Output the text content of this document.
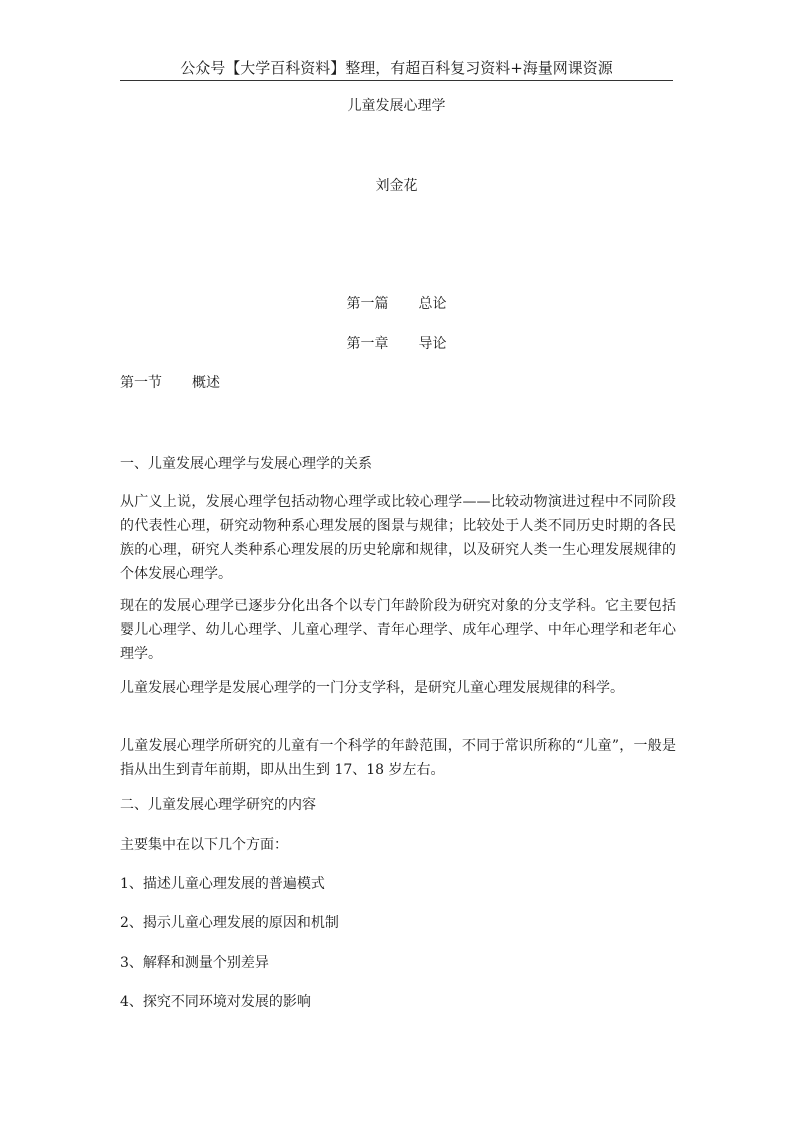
公众号【大学百科资料】整理，有超百科复习资料+海量网课资源
儿童发展心理学
刘金花
第一篇 总论
第一章 导论
第一节 概述
一、儿童发展心理学与发展心理学的关系
从广义上说，发展心理学包括动物心理学或比较心理学——比较动物演进过程中不同阶段的代表性心理，研究动物种系心理发展的图景与规律；比较处于人类不同历史时期的各民族的心理，研究人类种系心理发展的历史轮廓和规律，以及研究人类一生心理发展规律的个体发展心理学。
现在的发展心理学已逐步分化出各个以专门年龄阶段为研究对象的分支学科。它主要包括婴儿心理学、幼儿心理学、儿童心理学、青年心理学、成年心理学、中年心理学和老年心理学。
儿童发展心理学是发展心理学的一门分支学科，是研究儿童心理发展规律的科学。
儿童发展心理学所研究的儿童有一个科学的年龄范围，不同于常识所称的“儿童”，一般是指从出生到青年前期，即从出生到 17、18 岁左右。
二、儿童发展心理学研究的内容
主要集中在以下几个方面：
1、描述儿童心理发展的普遍模式
2、揭示儿童心理发展的原因和机制
3、解释和测量个别差异
4、探究不同环境对发展的影响
